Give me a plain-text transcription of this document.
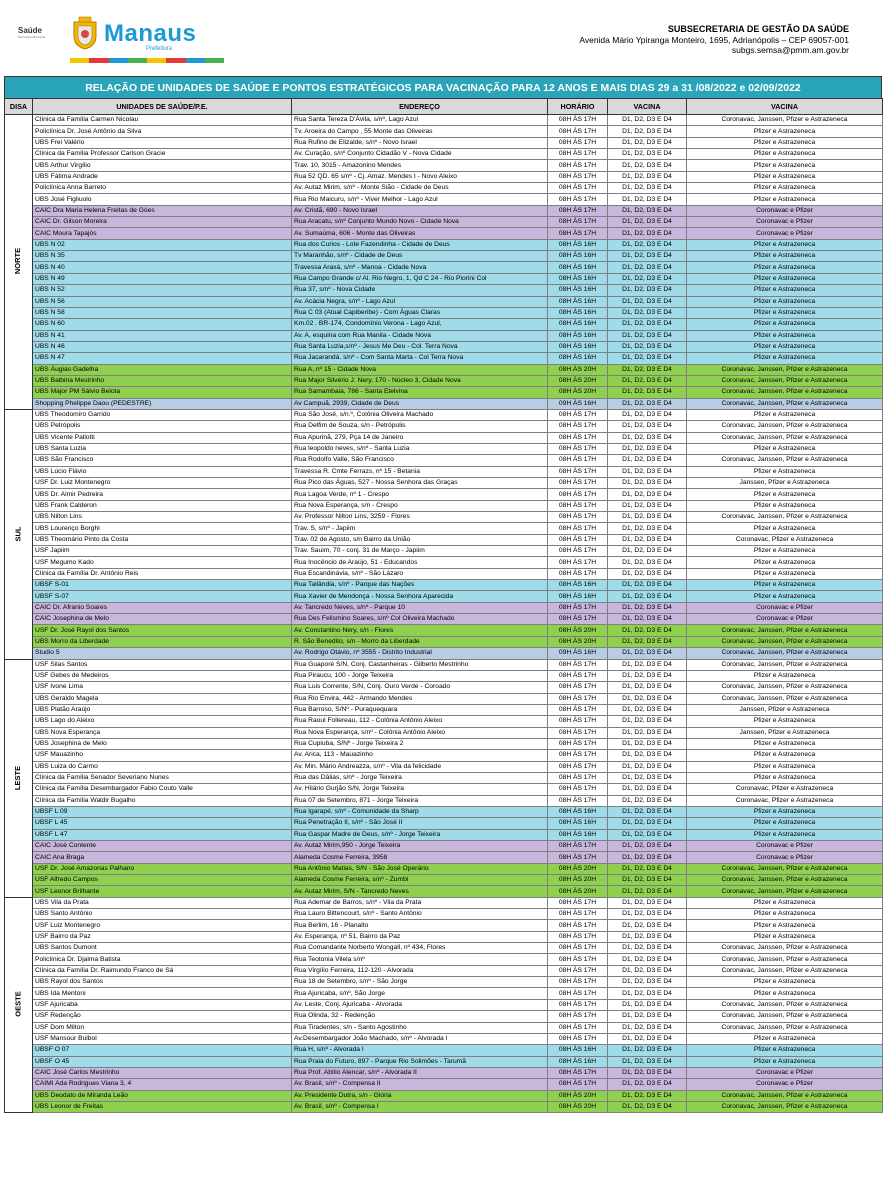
Saúde
Secretaria Municipal	Manaus
Prefeitura
SUBSECRETARIA DE GESTÃO DA SAÚDE
Avenida Mário Ypiranga Monteiro, 1695, Adrianópolis – CEP 69057-001
subgs.semsa@pmm.am.gov.br
RELAÇÃO DE UNIDADES DE SAÚDE E PONTOS ESTRATÉGICOS PARA VACINAÇÃO PARA 12 ANOS E MAIS DIAS 29 a 31 /08/2022 e 02/09/2022
DISA	UNIDADES DE SAÚDE/P.E.	ENDEREÇO	HORÁRIO	VACINA	VACINA
NORTE	Clínica da Família Carmen Nicolau	Rua Santa Tereza D'Ávila, s/nº, Lago Azul	08H ÀS 17H	D1, D2, D3 E D4	Coronavac, Janssen, Pfizer e Astrazeneca
	Policlínica Dr. José Antônio da Silva	Tv. Aroeira do Campo , 55 Monte das Oliveiras	08H ÀS 17H	D1, D2, D3 E D4	Pfizer e Astrazeneca
	UBS Frei Valério	Rua Rufino de Elizalde, s/nº - Novo Israel	08H ÀS 17H	D1, D2, D3 E D4	Pfizer e Astrazeneca
	Clínica da Família Professor Carlson Gracie	Av. Curação, s/nº Conjunto Cidadão V - Nova Cidade	08H ÀS 17H	D1, D2, D3 E D4	Pfizer e Astrazeneca
	UBS Arthur Virgílio	Trav. 10, 3015 - Amazonino Mendes	08H ÀS 17H	D1, D2, D3 E D4	Pfizer e Astrazeneca
	UBS Fátima Andrade	Rua 52 QD. 65 s/nº - Cj. Amaz. Mendes I - Novo Aleixo	08H ÀS 17H	D1, D2, D3 E D4	Pfizer e Astrazeneca
	Policlínica Anna Barreto	Av. Autaz Mirim, s/nº - Monte Sião - Cidade de Deus	08H ÀS 17H	D1, D2, D3 E D4	Pfizer e Astrazeneca
	UBS José Figliuolo	Rua Rio Maicuru, s/nº - Viver Melhor - Lago Azul	08H ÀS 17H	D1, D2, D3 E D4	Pfizer e Astrazeneca
	CAIC Dra Maria Helena Freitas de Góes	Av. Cristã, 690 - Novo Israel	08H ÀS 17H	D1, D2, D3 E D4	Coronavac e Pfizer
	CAIC Dr. Gilson Moreira	Rua Aracatu, s/nº Conjunto Mundo Novo - Cidade Nova	08H ÀS 17H	D1, D2, D3 E D4	Coronavac e Pfizer
	CAIC Moura Tapajós	Av. Sumaúma, 606 - Monte das Oliveiras	08H ÀS 17H	D1, D2, D3 E D4	Coronavac e Pfizer
	UBS N 02	Rua dos Curios - Lote Fazendinha - Cidade de Deus	08H ÀS 16H	D1, D2, D3 E D4	Pfizer e Astrazeneca
	UBS N 35	Tv Maranhão, s/nº - Cidade de Deus	08H ÀS 16H	D1, D2, D3 E D4	Pfizer e Astrazeneca
	UBS N 40	Travessa Araxá, s/nº - Manoa - Cidade Nova	08H ÀS 16H	D1, D2, D3 E D4	Pfizer e Astrazeneca
	UBS N 49	Rua Campo Grande c/ Al. Rio Negro, 1, Qd C 24 - Rio Piorini Col	08H ÀS 16H	D1, D2, D3 E D4	Pfizer e Astrazeneca
	UBS N 52	Rua 37, s/nº - Nova Cidade	08H ÀS 16H	D1, D2, D3 E D4	Pfizer e Astrazeneca
	UBS N 56	Av. Acácia Negra, s/nº - Lago Azul	08H ÀS 16H	D1, D2, D3 E D4	Pfizer e Astrazeneca
	UBS N 58	Rua C 03 (Atual Capiberibe) - Com Águas Claras	08H ÀS 16H	D1, D2, D3 E D4	Pfizer e Astrazeneca
	UBS N 60	Km.02 . BR-174, Condomínio Verona - Lago Azul,	08H ÀS 16H	D1, D2, D3 E D4	Pfizer e Astrazeneca
	UBS N 41	Av. A, esquina com Rua Manila - Cidade Nova	08H ÀS 16H	D1, D2, D3 E D4	Pfizer e Astrazeneca
	UBS N 46	Rua Santa Luzia,s/nº - Jesus Me Deu - Col. Terra Nova	08H ÀS 16H	D1, D2, D3 E D4	Pfizer e Astrazeneca
	UBS N 47	Rua Jacarandá. s/nº - Com Santa Marta - Col Terra Nova	08H ÀS 16H	D1, D2, D3 E D4	Pfizer e Astrazeneca
	UBS Áugias Gadelha	Rua A, nº 15 - Cidade Nova	08H ÀS 20H	D1, D2, D3 E D4	Coronavac, Janssen, Pfizer e Astrazeneca
	UBS Balbina Mestrinho	Rua Major Silvério J. Nery, 170 - Núcleo 3, Cidade Nova	08H ÀS 20H	D1, D2, D3 E D4	Coronavac, Janssen, Pfizer e Astrazeneca
	UBS Major PM Sálvio Belota	Rua Samambaia, 786 - Santa Etelvina	08H ÀS 20H	D1, D2, D3 E D4	Coronavac, Janssen, Pfizer e Astrazeneca
	Shopping Phelippe Daou (PEDESTRE)	Av Campuã, 2939, Cidade de Deus	09H ÀS 16H	D1, D2, D3 E D4	Coronavac, Janssen, Pfizer e Astrazeneca
SUL	UBS Theodomiro Garrido	Rua São José, s/n.º, Colônia Oliveira Machado	08H ÀS 17H	D1, D2, D3 E D4	Pfizer e Astrazeneca
	UBS Petrópolis	Rua Delfim de Souza, s/n - Petrópolis	08H ÀS 17H	D1, D2, D3 E D4	Coronavac, Janssen, Pfizer e Astrazeneca
	UBS Vicente Pallotti	Rua Apurinã, 279, Pça 14 de Janeiro	08H ÀS 17H	D1, D2, D3 E D4	Coronavac, Janssen, Pfizer e Astrazeneca
	UBS Santa Luzia	Rua leopoldo neves, s/nº - Santa Luzia	08H ÀS 17H	D1, D2, D3 E D4	Pfizer e Astrazeneca
	UBS São Francisco	Rua Rodolfo Valle, São Francisco	08H ÀS 17H	D1, D2, D3 E D4	Coronavac, Janssen, Pfizer e Astrazeneca
	UBS Lúcio Flávio	Travessa R. Cmte Ferrazs, nº 15 - Betania	08H ÀS 17H	D1, D2, D3 E D4	Pfizer e Astrazeneca
	USF Dr. Luiz Montenegro	Rua Pico das Águas, 527 - Nossa Senhora das Graças	08H ÀS 17H	D1, D2, D3 E D4	Janssen, Pfizer e Astrazeneca
	UBS Dr. Almir Pedreira	Rua Lagoa Verde, nº 1 - Crespo	08H ÀS 17H	D1, D2, D3 E D4	Pfizer e Astrazeneca
	UBS Frank Calderon	Rua Nova Esperança, s/n - Crespo	08H ÀS 17H	D1, D2, D3 E D4	Pfizer e Astrazeneca
	UBS Nilton Lins	Av. Professor Nilton Lins, 3259 - Flores	08H ÀS 17H	D1, D2, D3 E D4	Coronavac, Janssen, Pfizer e Astrazeneca
	UBS Lourenço Borghi	Trav. S, s/nº - Japiim	08H ÀS 17H	D1, D2, D3 E D4	Pfizer e Astrazeneca
	UBS Theomário Pinto da Costa	Trav. 02 de Agosto, s/n Bairro da União	08H ÀS 17H	D1, D2, D3 E D4	Coronavac, Pfizer e Astrazeneca
	USF Japiim	Trav. Sauim, 70 - conj. 31 de Março - Japiim	08H ÀS 17H	D1, D2, D3 E D4	Pfizer e Astrazeneca
	USF Megumo Kado	Rua Inocêncio de Araújo, 51 - Educandos	08H ÀS 17H	D1, D2, D3 E D4	Pfizer e Astrazeneca
	Clínica da Família Dr. Antônio Reis	Rua Escandinávia, s/nº - São Lázaro	08H ÀS 17H	D1, D2, D3 E D4	Pfizer e Astrazeneca
	UBSF S-01	Rua Tailândia, s/nº - Parque das Nações	08H ÀS 16H	D1, D2, D3 E D4	Pfizer e Astrazeneca
	UBSF S-07	Rua Xavier de Mendonça - Nossa Senhora Aparecida	08H ÀS 16H	D1, D2, D3 E D4	Pfizer e Astrazeneca
	CAIC Dr. Afranio Soares	Av. Tancredo Neves, s/nº - Parque 10	08H ÀS 17H	D1, D2, D3 E D4	Coronavac e Pfizer
	CAIC Josephina de Melo	Rua Des Felismino Soares, s/nº Col Oliveira Machado	08H ÀS 17H	D1, D2, D3 E D4	Coronavac e Pfizer
	USF Dr. José Rayol dos Santos	Av. Constantino Nery, s/n - Flores	08H ÀS 20H	D1, D2, D3 E D4	Coronavac, Janssen, Pfizer e Astrazeneca
	UBS Morro da Liberdade	R. São Benedito, s/n - Morro da Liberdade	08H ÀS 20H	D1, D2, D3 E D4	Coronavac, Janssen, Pfizer e Astrazeneca
	Studio 5	Av. Rodrigo Otávio, nº 3555 - Distrito Industrial	09H ÀS 16H	D1, D2, D3 E D4	Coronavac, Janssen, Pfizer e Astrazeneca
LESTE	USF Silas Santos	Rua Guaporé S/N, Conj. Castanheiras - Gilberto Mestrinho	08H ÀS 17H	D1, D2, D3 E D4	Coronavac, Janssen, Pfizer e Astrazeneca
	USF Gebes de Medeiros	Rua Piraucu, 100 - Jorge Teixeira	08H ÀS 17H	D1, D2, D3 E D4	Pfizer e Astrazeneca
	USF Ivone Lima	Rua Luis Corrente, S/N, Conj. Ouro Verde - Coroado	08H ÀS 17H	D1, D2, D3 E D4	Coronavac, Janssen, Pfizer e Astrazeneca
	UBS Geraldo Magela	Rua Rio Envira, 442 - Armando Mendes	08H ÀS 17H	D1, D2, D3 E D4	Coronavac, Janssen, Pfizer e Astrazeneca
	UBS Platão Araújo	Rua Barroso, S/Nº - Puraquequara	08H ÀS 17H	D1, D2, D3 E D4	Janssen, Pfizer e Astrazeneca
	UBS Lago do Aleixo	Rua Raoul Follereau, 112 - Colônia Antônio Aleixo	08H ÀS 17H	D1, D2, D3 E D4	Pfizer e Astrazeneca
	UBS Nova Esperança	Rua Nova Esperança, s/nº - Colônia Antônio Aleixo	08H ÀS 17H	D1, D2, D3 E D4	Janssen, Pfizer e Astrazeneca
	UBS Josephina de Melo	Rua Cupiuba, S/Nº - Jorge Teixeira 2	08H ÀS 17H	D1, D2, D3 E D4	Pfizer e Astrazeneca
	USF Mauazinho	Av. Arica, 113 - Mauazinho	08H ÀS 17H	D1, D2, D3 E D4	Pfizer e Astrazeneca
	UBS Luiza do Carmo	Av. Min. Mário Andreazza, s/nº - Vila da felicidade	08H ÀS 17H	D1, D2, D3 E D4	Pfizer e Astrazeneca
	Clínica da Família Senador Severiano Nunes	Rua das Dálias, s/nº - Jorge Teixeira	08H ÀS 17H	D1, D2, D3 E D4	Pfizer e Astrazeneca
	Clínica da Família Desembargador Fabio Couto Valle	Av. Hilário Gurjão S/N, Jorge Teixeira	08H ÀS 17H	D1, D2, D3 E D4	Coronavac, Pfizer e Astrazeneca
	Clínica da Família Waldir Bugalho	Rua 07 de Setembro, 871 - Jorge Teixeira	08H ÀS 17H	D1, D2, D3 E D4	Coronavac, Pfizer e Astrazeneca
	UBSF L 09	Rua Igarapé, s/nº - Comunidade da Sharp	08H ÀS 16H	D1, D2, D3 E D4	Pfizer e Astrazeneca
	UBSF L 45	Rua Penetração II, s/nº - São José II	08H ÀS 16H	D1, D2, D3 E D4	Pfizer e Astrazeneca
	UBSF L 47	Rua Gaspar Madre de Deus, s/nº - Jorge Teixeira	08H ÀS 16H	D1, D2, D3 E D4	Pfizer e Astrazeneca
	CAIC José Contente	Av. Autaz Mirim,950 - Jorge Teixeira	08H ÀS 17H	D1, D2, D3 E D4	Coronavac e Pfizer
	CAIC Ana Braga	Alameda Cosme Ferreira, 3958	08H ÀS 17H	D1, D2, D3 E D4	Coronavac e Pfizer
	USF Dr. José Amazonas Palhano	Rua Antônio Matias, S/N - São José Operário	08H ÀS 20H	D1, D2, D3 E D4	Coronavac, Janssen, Pfizer e Astrazeneca
	USF Alfredo Campos	Alameda Cosme Ferreira, s/nº - Zumbi	08H ÀS 20H	D1, D2, D3 E D4	Coronavac, Janssen, Pfizer e Astrazeneca
	USF Leonor Brilhante	Av. Autaz Mirim, S/N - Tancredo Neves	08H ÀS 20H	D1, D2, D3 E D4	Coronavac, Janssen, Pfizer e Astrazeneca
OESTE	UBS Vila da Prata	Rua Ademar de Barros, s/nº - Vila da Prata	08H ÀS 17H	D1, D2, D3 E D4	Pfizer e Astrazeneca
	UBS Santo Antônio	Rua Lauro Bittencourt, s/nº - Santo Antônio	08H ÀS 17H	D1, D2, D3 E D4	Pfizer e Astrazeneca
	USF Luiz Montenegro	Rua Berlim, 16 - Planalto	08H ÀS 17H	D1, D2, D3 E D4	Pfizer e Astrazeneca
	USF Bairro da Paz	Av. Esperança, nº 51, Bairro da Paz	08H ÀS 17H	D1, D2, D3 E D4	Pfizer e Astrazeneca
	UBS Santos Dumont	Rua Comandante Norberto Wongall, nº 434, Flores	08H ÀS 17H	D1, D2, D3 E D4	Coronavac, Janssen, Pfizer e Astrazeneca
	Policlínica Dr. Djalma Batista	Rua Teotonia Vilela s/nº	08H ÀS 17H	D1, D2, D3 E D4	Coronavac, Janssen, Pfizer e Astrazeneca
	Clínica da Família Dr. Raimundo Franco de Sá	Rua Virgílio Ferreira, 112-120 - Alvorada	08H ÀS 17H	D1, D2, D3 E D4	Coronavac, Janssen, Pfizer e Astrazeneca
	UBS Rayol dos Santos	Rua 18 de Setembro, s/nº - São Jorge	08H ÀS 17H	D1, D2, D3 E D4	Pfizer e Astrazeneca
	UBS Ida Mentoni	Rua Ajuricaba, s/nº, São Jorge	08H ÀS 17H	D1, D2, D3 E D4	Pfizer e Astrazeneca
	USF Ajuricaba	Av. Leste, Conj. Ajuricaba - Alvorada	08H ÀS 17H	D1, D2, D3 E D4	Coronavac, Janssen, Pfizer e Astrazeneca
	USF Redenção	Rua Olinda, 32 - Redenção	08H ÀS 17H	D1, D2, D3 E D4	Coronavac, Janssen, Pfizer e Astrazeneca
	USF Dom Milton	Rua Tiradentes, s/n - Santo Agostinho	08H ÀS 17H	D1, D2, D3 E D4	Coronavac, Janssen, Pfizer e Astrazeneca
	USF Mansour Bulbol	Av.Desembargador João Machado, s/nº - Alvorada I	08H ÀS 17H	D1, D2, D3 E D4	Pfizer e Astrazeneca
	UBSF O 07	Rua H, s/nº - Alvorada I	08H ÀS 16H	D1, D2, D3 E D4	Pfizer e Astrazeneca
	UBSF O 45	Rua Praia do Futuro, 897 - Parque Rio Solimões - Tarumã	08H ÀS 16H	D1, D2, D3 E D4	Pfizer e Astrazeneca
	CAIC José Carlos Mestrinho	Rua Prof. Abílio Alencar, s/nº - Alvorada II	08H ÀS 17H	D1, D2, D3 E D4	Coronavac e Pfizer
	CAIMI Ada Rodrigues Viana 3, 4	Av. Brasil, s/nº - Compensa II	08H ÀS 17H	D1, D2, D3 E D4	Coronavac e Pfizer
	UBS Deodato de Miranda Leão	Av. Presidente Dutra, s/n - Glória	08H ÀS 20H	D1, D2, D3 E D4	Coronavac, Janssen, Pfizer e Astrazeneca
	UBS Leonor de Freitas	Av. Brasil, s/nº - Compensa I	08H ÀS 20H	D1, D2, D3 E D4	Coronavac, Janssen, Pfizer e Astrazeneca
